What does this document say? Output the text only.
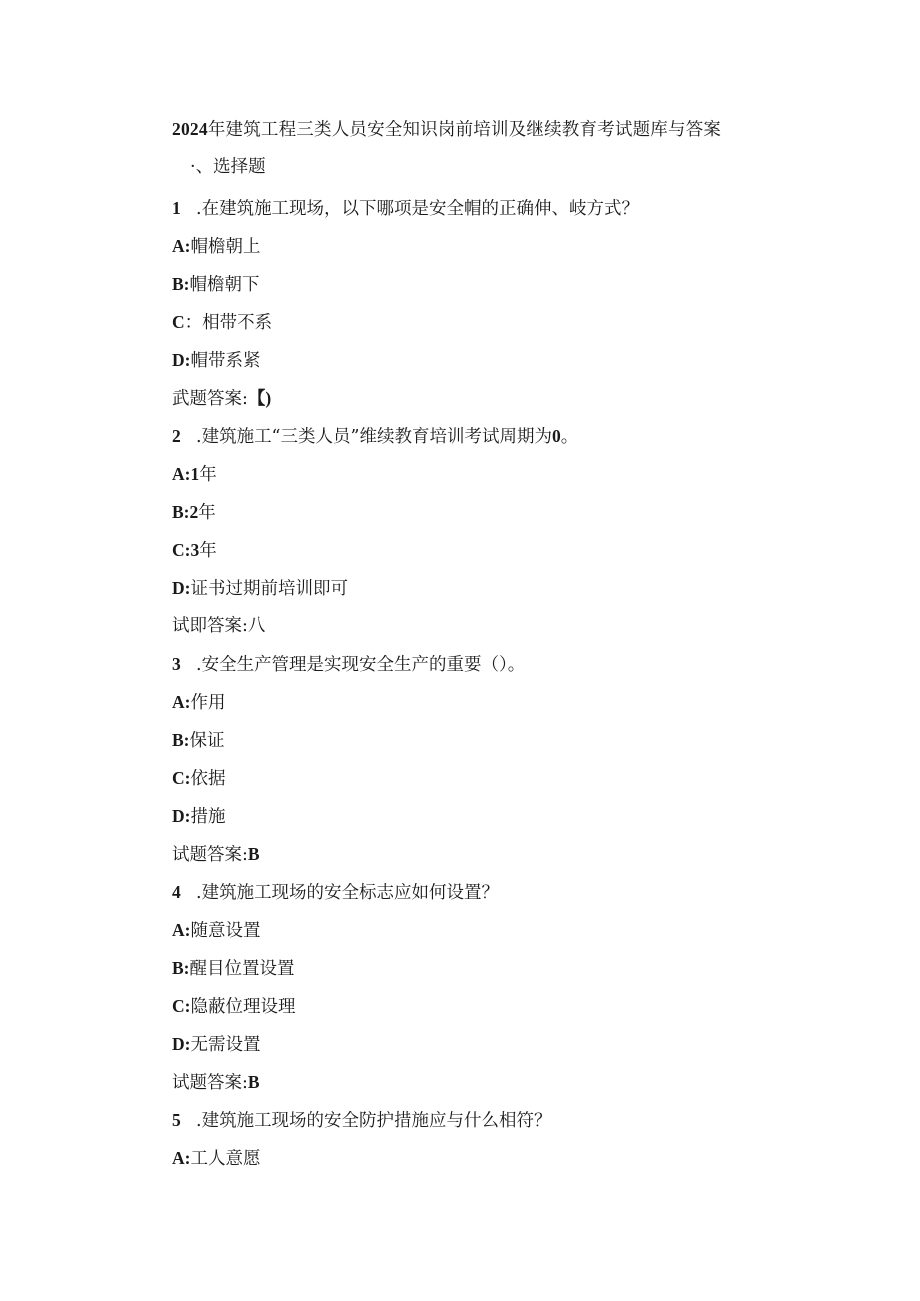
2024年建筑工程三类人员安全知识岗前培训及继续教育考试题库与答案
·、选择题
1 .在建筑施工现场，以下哪项是安全帽的正确伸、岐方式？
A:帽檐朝上
B:帽檐朝下
C：相带不系
D:帽带系紧
武题答案:【)
2 .建筑施工“三类人员”维续教育培训考试周期为0。
A:1年
B:2年
C:3年
D:证书过期前培训即可
试即答案:八
3 .安全生产管理是实现安全生产的重要（）。
A:作用
B:保证
C:依据
D:措施
试题答案:B
4 .建筑施工现场的安全标志应如何设置？
A:随意设置
B:醒目位置设置
C:隐蔽位理设理
D:无需设置
试题答案:B
5 .建筑施工现场的安全防护措施应与什么相符？
A:工人意愿
